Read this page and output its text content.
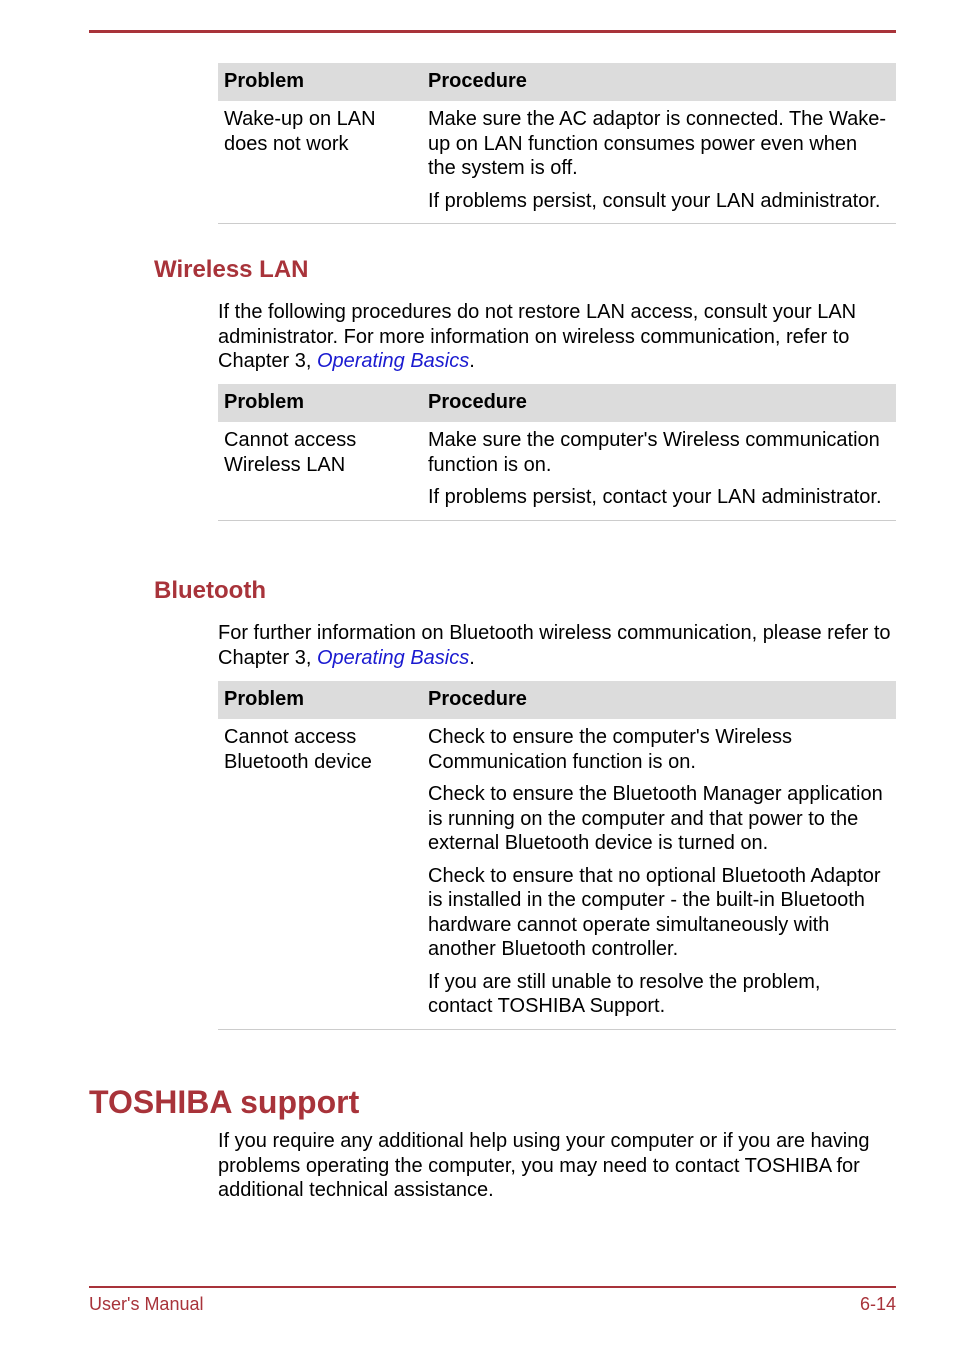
Problem	Procedure
Wake-up on LAN does not work	Make sure the AC adaptor is connected. The Wake-up on LAN function consumes power even when the system is off.

If problems persist, consult your LAN administrator.

Wireless LAN
If the following procedures do not restore LAN access, consult your LAN administrator. For more information on wireless communication, refer to Chapter 3, Operating Basics.
Problem	Procedure
Cannot access Wireless LAN	Make sure the computer's Wireless communication function is on.

If problems persist, contact your LAN administrator.

Bluetooth
For further information on Bluetooth wireless communication, please refer to Chapter 3, Operating Basics.
Problem	Procedure
Cannot access Bluetooth device	Check to ensure the computer's Wireless Communication function is on.

Check to ensure the Bluetooth Manager application is running on the computer and that power to the external Bluetooth device is turned on.

Check to ensure that no optional Bluetooth Adaptor is installed in the computer - the built-in Bluetooth hardware cannot operate simultaneously with another Bluetooth controller.

If you are still unable to resolve the problem, contact TOSHIBA Support.

TOSHIBA support
If you require any additional help using your computer or if you are having problems operating the computer, you may need to contact TOSHIBA for additional technical assistance.
User's Manual	6-14
